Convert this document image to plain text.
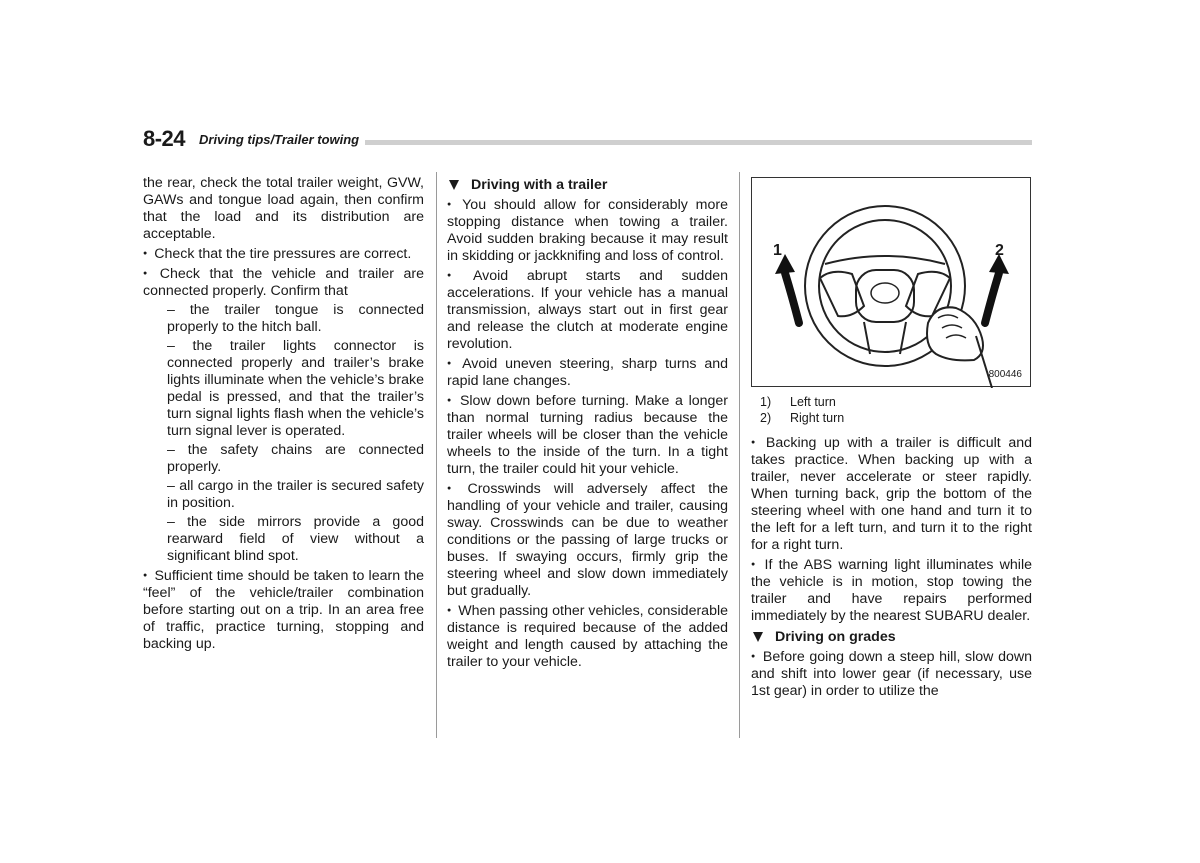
8-24 Driving tips/Trailer towing

the rear, check the total trailer weight, GVW, GAWs and tongue load again, then confirm that the load and its distribution are acceptable.

● Check that the tire pressures are correct.

● Check that the vehicle and trailer are connected properly. Confirm that

– the trailer tongue is connected properly to the hitch ball.

– the trailer lights connector is connected properly and trailer’s brake lights illuminate when the vehicle’s brake pedal is pressed, and that the trailer’s turn signal lights flash when the vehicle’s turn signal lever is operated.

– the safety chains are connected properly.

– all cargo in the trailer is secured safety in position.

– the side mirrors provide a good rearward field of view without a significant blind spot.

● Sufficient time should be taken to learn the “feel” of the vehicle/trailer combination before starting out on a trip. In an area free of traffic, practice turning, stopping and backing up.

Driving with a trailer

● You should allow for considerably more stopping distance when towing a trailer. Avoid sudden braking because it may result in skidding or jackknifing and loss of control.

● Avoid abrupt starts and sudden accelerations. If your vehicle has a manual transmission, always start out in first gear and release the clutch at moderate engine revolution.

● Avoid uneven steering, sharp turns and rapid lane changes.

● Slow down before turning. Make a longer than normal turning radius because the trailer wheels will be closer than the vehicle wheels to the inside of the turn. In a tight turn, the trailer could hit your vehicle.

● Crosswinds will adversely affect the handling of your vehicle and trailer, causing sway. Crosswinds can be due to weather conditions or the passing of large trucks or buses. If swaying occurs, firmly grip the steering wheel and slow down immediately but gradually.

● When passing other vehicles, considerable distance is required because of the added weight and length caused by attaching the trailer to your vehicle.

1	2
800446
1) Left turn
2) Right turn

● Backing up with a trailer is difficult and takes practice. When backing up with a trailer, never accelerate or steer rapidly. When turning back, grip the bottom of the steering wheel with one hand and turn it to the left for a left turn, and turn it to the right for a right turn.

● If the ABS warning light illuminates while the vehicle is in motion, stop towing the trailer and have repairs performed immediately by the nearest SUBARU dealer.

Driving on grades

● Before going down a steep hill, slow down and shift into lower gear (if necessary, use 1st gear) in order to utilize the
